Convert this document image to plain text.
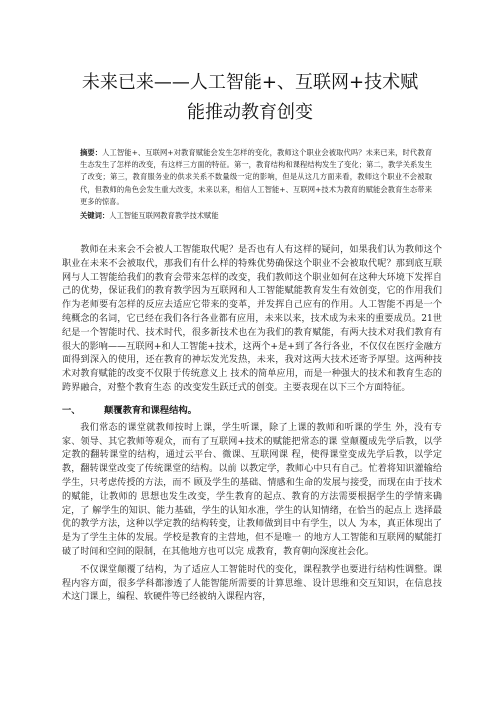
未来已来——人工智能+、互联网+技术赋
能推动教育创变

摘要：人工智能+、互联网+对教育赋能会发生怎样的变化，教师这个职业会被取代吗？未来已来，时代教育生态发生了怎样的改变，有这样三方面的特征。第一，教育结构和课程结构发生了变化；第二，教学关系发生了改变；第三，教育服务业的供求关系不数量级一定的影响，但是从这几方面来看，教师这个职业不会被取代，但教师的角色会发生重大改变，未来以来，相信人工智能+、互联网+技术为教育的赋能会教育生态带来更多的惊喜。

关键词：人工智能互联网教育教学技术赋能

教师在未来会不会被人工智能取代呢？是否也有人有这样的疑问，如果我们认为教师这个职业在未来不会被取代，那我们有什么样的特殊优势确保这个职业不会被取代呢？那到底互联网与人工智能给我们的教育会带来怎样的改变，我们教师这个职业如何在这种大环境下发挥自己的优势，保证我们的教育教学因为互联网和人工智能赋能教育发生有效创变，它的作用我们作为老师要有怎样的反应去适应它带来的变革，并发挥自己应有的作用。人工智能不再是一个纯概念的名词，它已经在我们各行各业都有应用，未来以来，技术成为未来的重要成员。21世纪是一个智能时代、技术时代，很多新技术也在为我们的教育赋能，有两大技术对我们教育有很大的影响——互联网+和人工智能+技术，这两个+是+到了各行各业，不仅仅在医疗金融方面得到深入的使用，还在教育的神坛发光发热，未来，我对这两大技术还寄予厚望。这两种技术对教育赋能的改变不仅限于传统意义上 技术的简单应用，而是一种强大的技术和教育生态的跨界融合，对整个教育生态 的改变发生跃迁式的创变。主要表现在以下三个方面特征。

一、	颠覆教育和课程结构。

我们常态的课堂就教师按时上课，学生听课，除了上课的教师和听课的学生 外，没有专家、领导、其它教师等观众，而有了互联网+技术的赋能把常态的课 堂颠覆成先学后教，以学定教的翻转课堂的结构，通过云平台、微课、互联网课 程，使得课堂变成先学后教，以学定教，翻转课堂改变了传统课堂的结构。以前 以教定学，教师心中只有自己。忙着将知识灌输给学生，只考虑传授的方法，而不 顾及学生的基础、情感和生命的发展与接受，而现在由于技术的赋能，让教师的 思想也发生改变，学生教育的起点、教育的方法需要根据学生的学情来确定，了 解学生的知识、能力基础，学生的认知水准，学生的认知情绪，在恰当的起点上 选择最优的教学方法，这种以学定教的结构转变，让教师做到目中有学生，以人 为本，真正体现出了是为了学生主体的发展。学校是教育的主营地，但不是唯一 的地方人工智能和互联网的赋能打破了时间和空间的限制，在其他地方也可以完 成教育，教育朝向深度社会化。

不仅课堂颠覆了结构，为了适应人工智能时代的变化，课程教学也要进行结构性调整。课程内容方面，很多学科都渗透了人能智能所需要的计算思维、设计思维和交互知识，在信息技术这门课上，编程、软硬件等已经被纳入课程内容，
